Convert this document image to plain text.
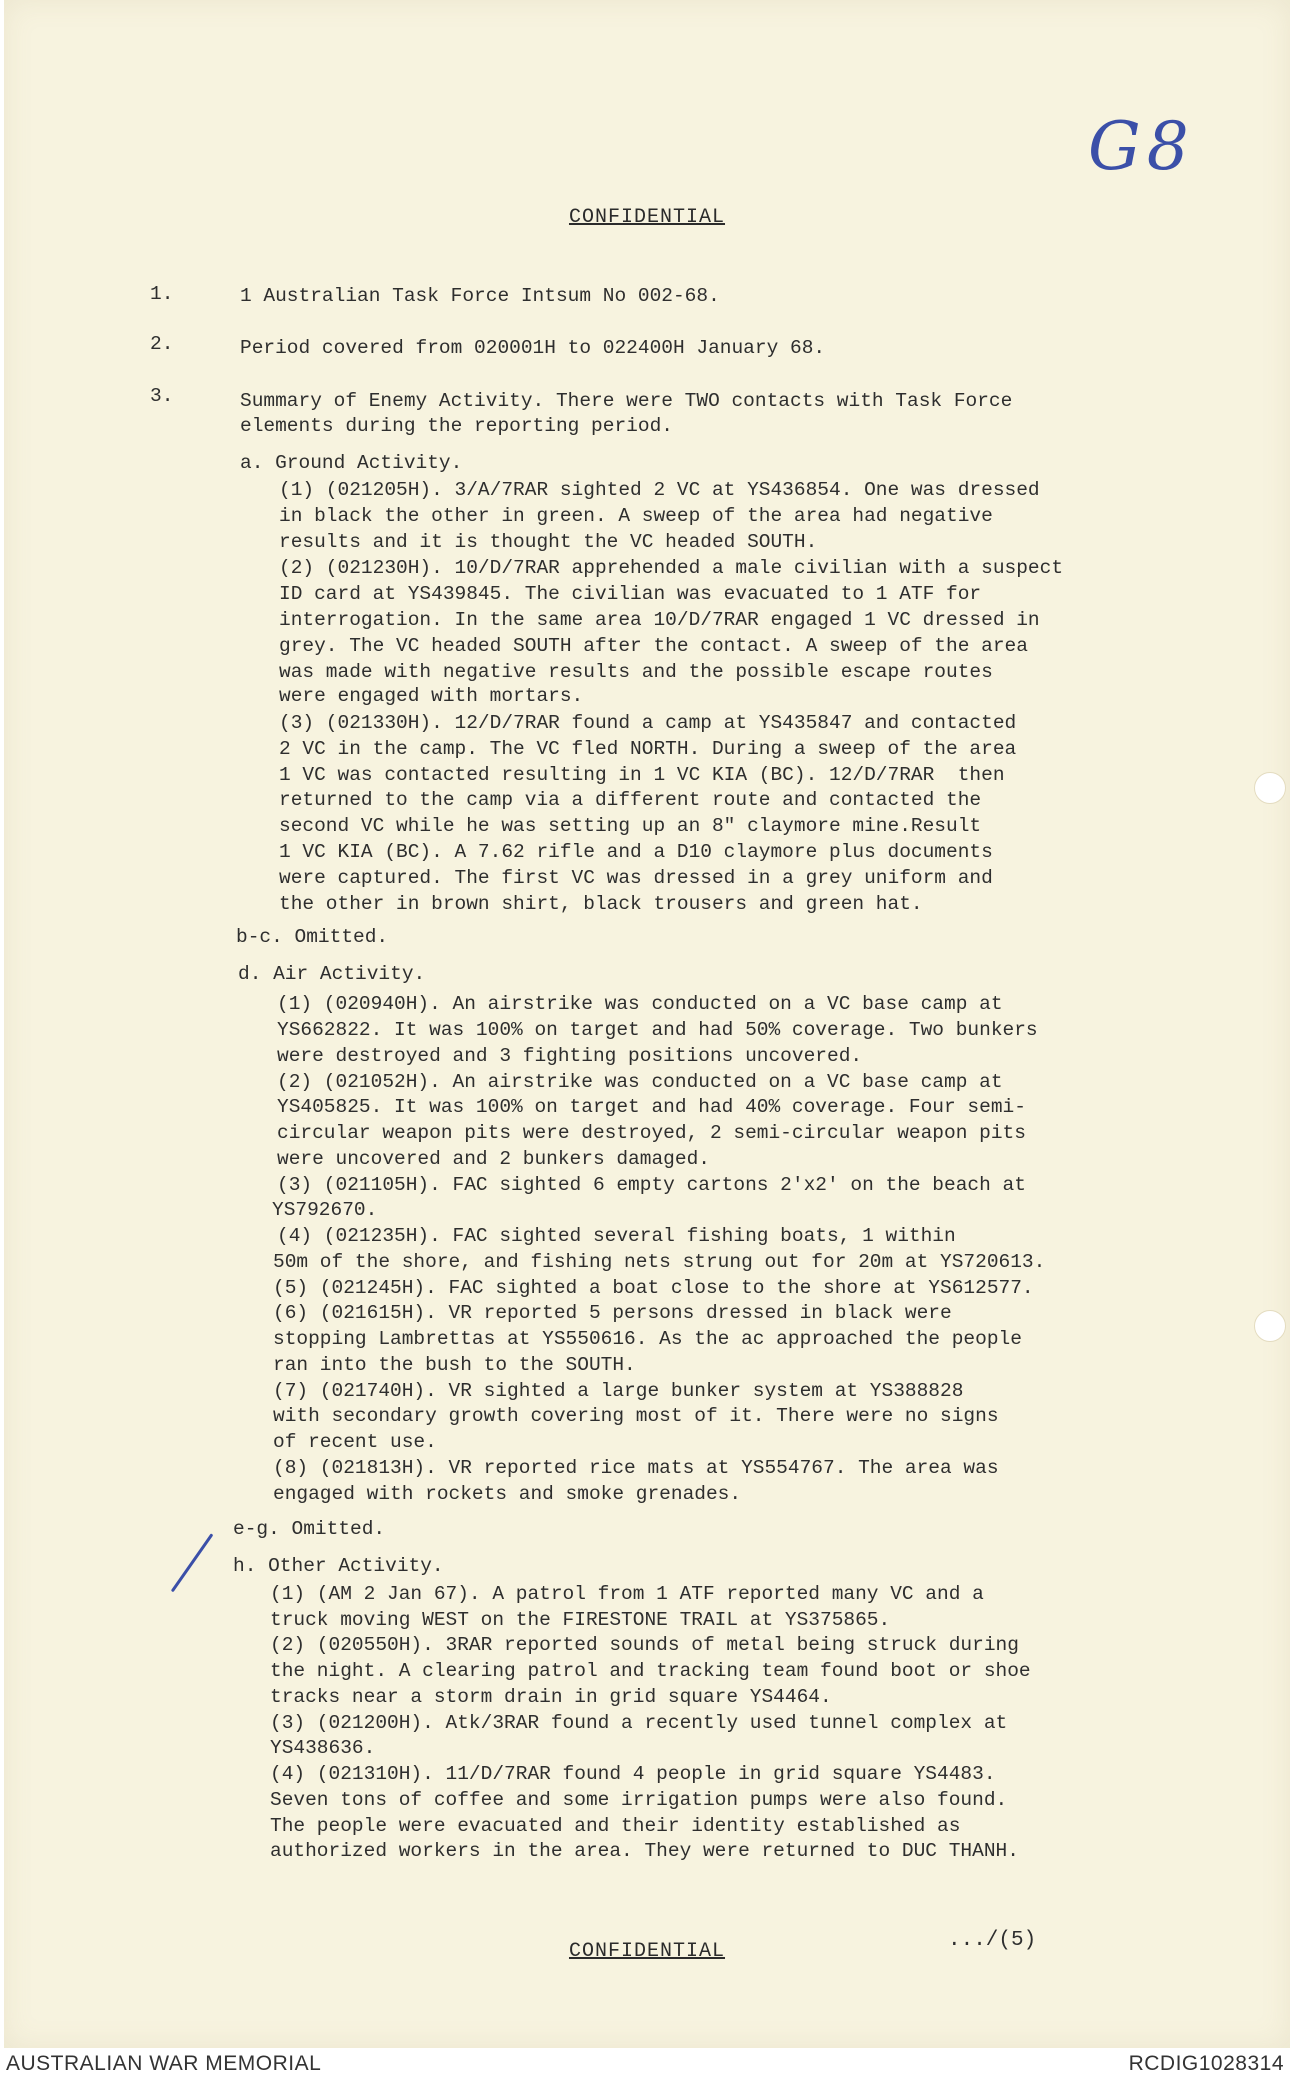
G8
CONFIDENTIAL
1.	1 Australian Task Force Intsum No 002-68.
2.	Period covered from 020001H to 022400H January 68.
3.	Summary of Enemy Activity. There were TWO contacts with Task Force
elements during the reporting period.
a. Ground Activity.
(1) (021205H). 3/A/7RAR sighted 2 VC at YS436854. One was dressed
in black the other in green. A sweep of the area had negative
results and it is thought the VC headed SOUTH.
(2) (021230H). 10/D/7RAR apprehended a male civilian with a suspect
ID card at YS439845. The civilian was evacuated to 1 ATF for
interrogation. In the same area 10/D/7RAR engaged 1 VC dressed in
grey. The VC headed SOUTH after the contact. A sweep of the area
was made with negative results and the possible escape routes
were engaged with mortars.
(3) (021330H). 12/D/7RAR found a camp at YS435847 and contacted
2 VC in the camp. The VC fled NORTH. During a sweep of the area
1 VC was contacted resulting in 1 VC KIA (BC). 12/D/7RAR  then
returned to the camp via a different route and contacted the
second VC while he was setting up an 8" claymore mine.Result
1 VC KIA (BC). A 7.62 rifle and a D10 claymore plus documents
were captured. The first VC was dressed in a grey uniform and
the other in brown shirt, black trousers and green hat.
b-c. Omitted.
d. Air Activity.
(1) (020940H). An airstrike was conducted on a VC base camp at
YS662822. It was 100% on target and had 50% coverage. Two bunkers
were destroyed and 3 fighting positions uncovered.
(2) (021052H). An airstrike was conducted on a VC base camp at
YS405825. It was 100% on target and had 40% coverage. Four semi-
circular weapon pits were destroyed, 2 semi-circular weapon pits
were uncovered and 2 bunkers damaged.
(3) (021105H). FAC sighted 6 empty cartons 2'x2' on the beach at
YS792670.
(4) (021235H). FAC sighted several fishing boats, 1 within
50m of the shore, and fishing nets strung out for 20m at YS720613.
(5) (021245H). FAC sighted a boat close to the shore at YS612577.
(6) (021615H). VR reported 5 persons dressed in black were
stopping Lambrettas at YS550616. As the ac approached the people
ran into the bush to the SOUTH.
(7) (021740H). VR sighted a large bunker system at YS388828
with secondary growth covering most of it. There were no signs
of recent use.
(8) (021813H). VR reported rice mats at YS554767. The area was
engaged with rockets and smoke grenades.
e-g. Omitted.
h. Other Activity.
(1) (AM 2 Jan 67). A patrol from 1 ATF reported many VC and a
truck moving WEST on the FIRESTONE TRAIL at YS375865.
(2) (020550H). 3RAR reported sounds of metal being struck during
the night. A clearing patrol and tracking team found boot or shoe
tracks near a storm drain in grid square YS4464.
(3) (021200H). Atk/3RAR found a recently used tunnel complex at
YS438636.
(4) (021310H). 11/D/7RAR found 4 people in grid square YS4483.
Seven tons of coffee and some irrigation pumps were also found.
The people were evacuated and their identity established as
authorized workers in the area. They were returned to DUC THANH.
CONFIDENTIAL	.../(5)
AUSTRALIAN WAR MEMORIAL	RCDIG1028314
